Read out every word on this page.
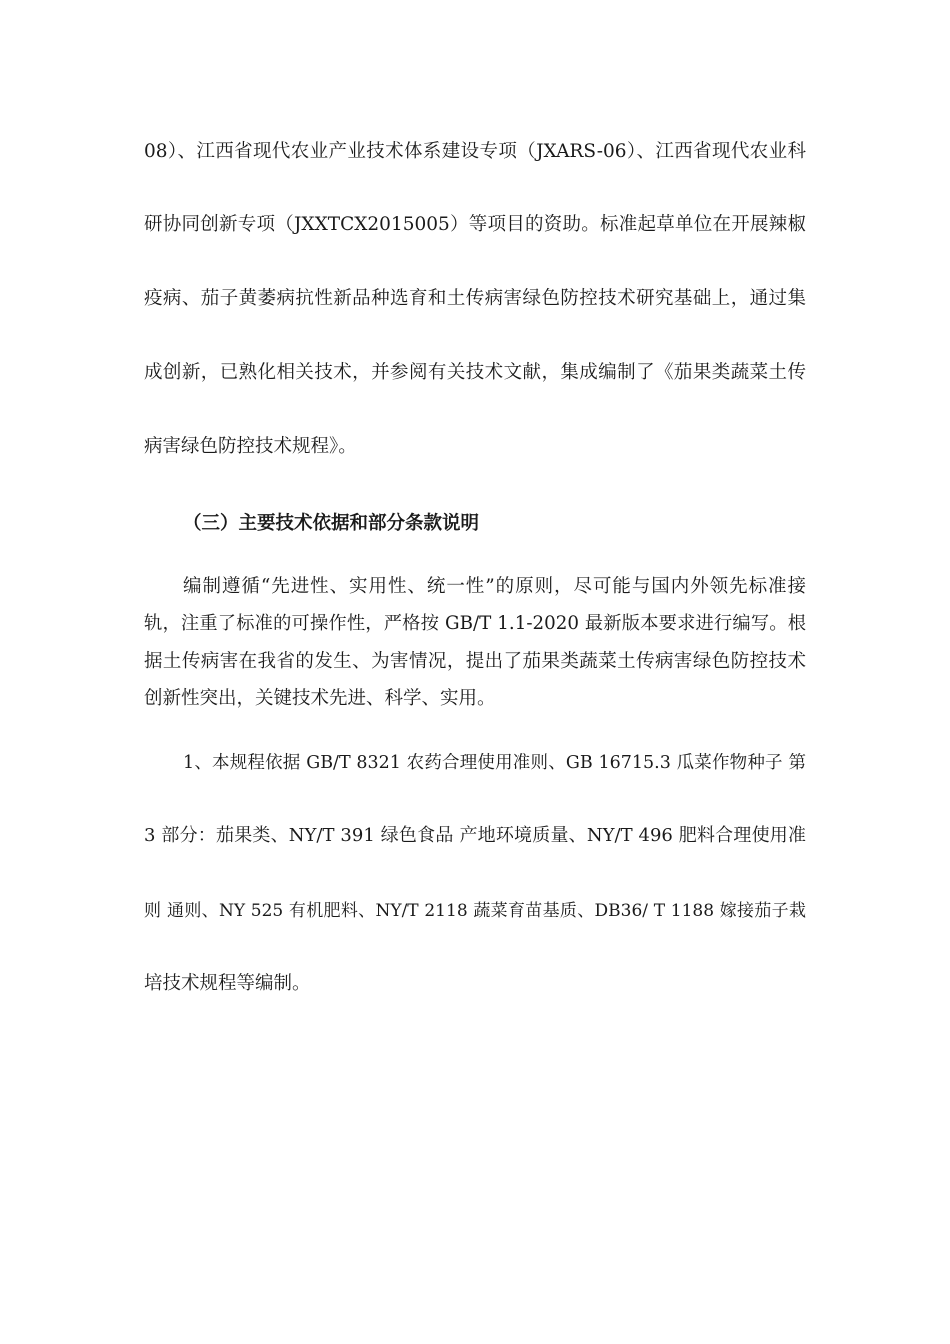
08）、江西省现代农业产业技术体系建设专项（JXARS-06）、江西省现代农业科
研协同创新专项（JXXTCX2015005）等项目的资助。标准起草单位在开展辣椒
疫病、茄子黄萎病抗性新品种选育和土传病害绿色防控技术研究基础上，通过集
成创新，已熟化相关技术，并参阅有关技术文献，集成编制了《茄果类蔬菜土传
病害绿色防控技术规程》。
（三）主要技术依据和部分条款说明
编制遵循“先进性、实用性、统一性”的原则，尽可能与国内外领先标准接
轨，注重了标准的可操作性，严格按 GB/T 1.1-2020 最新版本要求进行编写。根
据土传病害在我省的发生、为害情况，提出了茄果类蔬菜土传病害绿色防控技术
创新性突出，关键技术先进、科学、实用。
1、本规程依据 GB/T 8321 农药合理使用准则、GB 16715.3 瓜菜作物种子 第
3 部分：茄果类、NY/T 391 绿色食品 产地环境质量、NY/T 496 肥料合理使用准
则 通则、NY 525 有机肥料、NY/T 2118 蔬菜育苗基质、DB36/ T 1188 嫁接茄子栽
培技术规程等编制。
